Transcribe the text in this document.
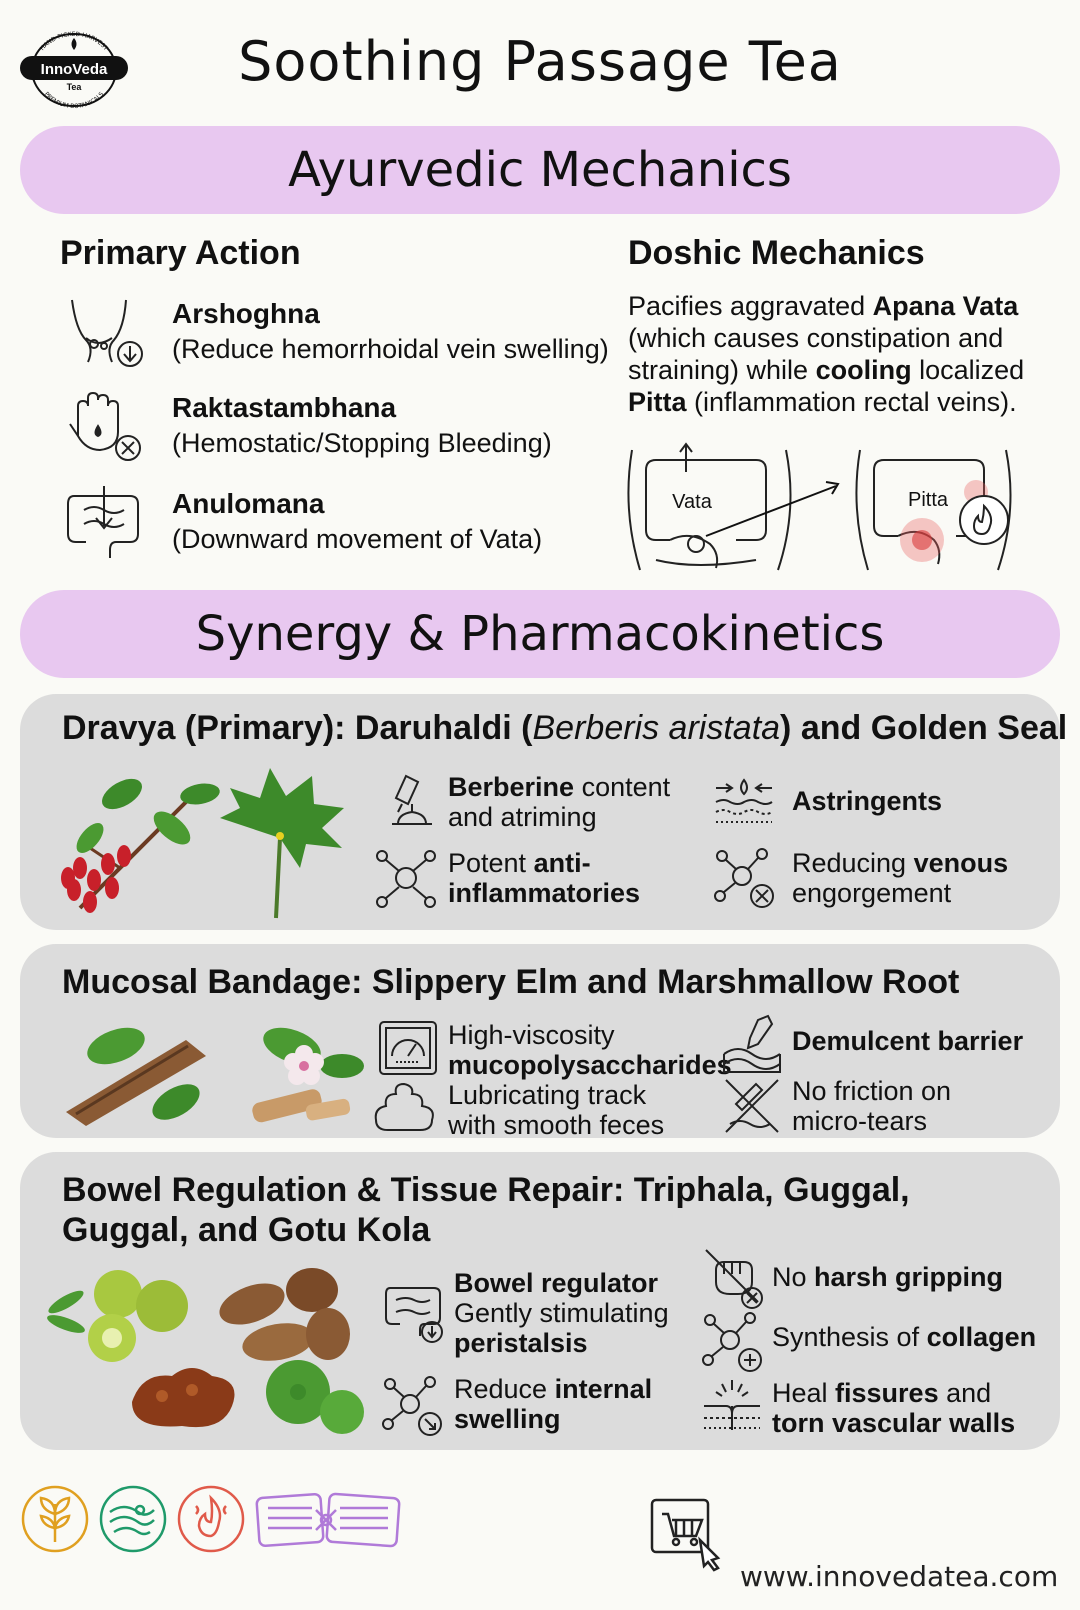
HAND-PICKED HARVEST
PREMIUM BOTANICALS
InnoVeda
Tea	Soothing Passage Tea
Ayurvedic Mechanics
Primary Action
Arshoghna
(Reduce hemorrhoidal vein swelling)
Raktastambhana
(Hemostatic/Stopping Bleeding)
Anulomana
(Downward movement of Vata)
Doshic Mechanics
Pacifies aggravated Apana Vata (which causes constipation and straining) while cooling localized Pitta (inflammation rectal veins).
Vata	Pitta
Synergy & Pharmacokinetics
Dravya (Primary): Daruhaldi (Berberis aristata) and Golden Seal
Berberine content
and atriming
Potent anti-
inflammatories
Astringents
Reducing venous
engorgement
Mucosal Bandage: Slippery Elm and Marshmallow Root
High-viscosity
mucopolysaccharides
Lubricating track
with smooth feces
Demulcent barrier
No friction on
micro-tears
Bowel Regulation & Tissue Repair: Triphala, Guggal,
Guggal, and Gotu Kola
Bowel regulator
Gently stimulating
peristalsis
Reduce internal
swelling
No harsh gripping
Synthesis of collagen
Heal fissures and
torn vascular walls
www.innovedatea.com
